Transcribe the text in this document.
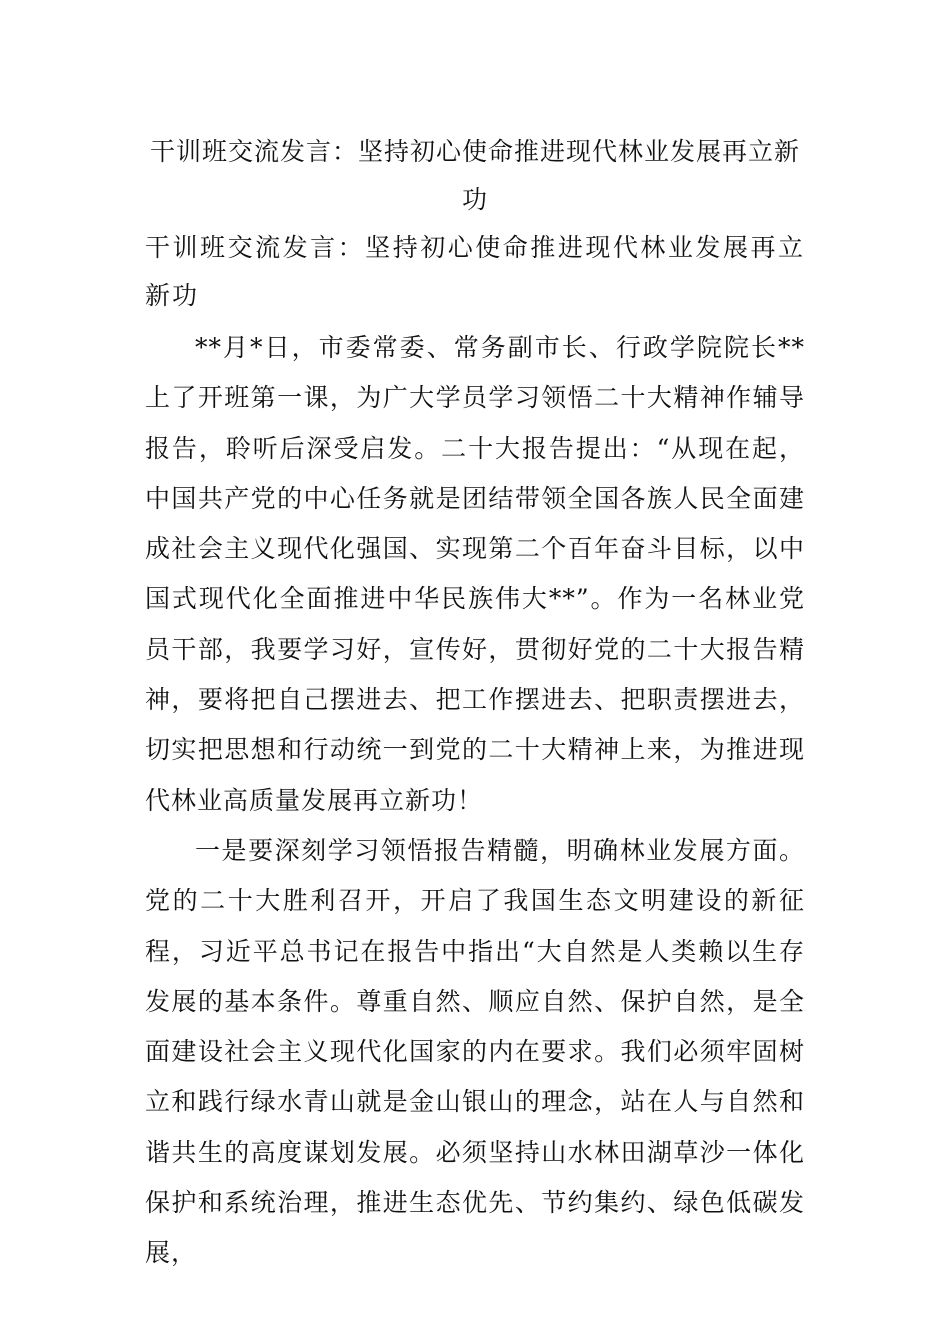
干训班交流发言：坚持初心使命推进现代林业发展再立新功

干训班交流发言：坚持初心使命推进现代林业发展再立新功

**月*日，市委常委、常务副市长、行政学院院长**上了开班第一课，为广大学员学习领悟二十大精神作辅导报告，聆听后深受启发。二十大报告提出：“从现在起，中国共产党的中心任务就是团结带领全国各族人民全面建成社会主义现代化强国、实现第二个百年奋斗目标，以中国式现代化全面推进中华民族伟大**”。作为一名林业党员干部，我要学习好，宣传好，贯彻好党的二十大报告精神，要将把自己摆进去、把工作摆进去、把职责摆进去，切实把思想和行动统一到党的二十大精神上来，为推进现代林业高质量发展再立新功！

一是要深刻学习领悟报告精髓，明确林业发展方面。党的二十大胜利召开，开启了我国生态文明建设的新征程，习近平总书记在报告中指出“大自然是人类赖以生存发展的基本条件。尊重自然、顺应自然、保护自然，是全面建设社会主义现代化国家的内在要求。我们必须牢固树立和践行绿水青山就是金山银山的理念，站在人与自然和谐共生的高度谋划发展。必须坚持山水林田湖草沙一体化保护和系统治理，推进生态优先、节约集约、绿色低碳发展，
